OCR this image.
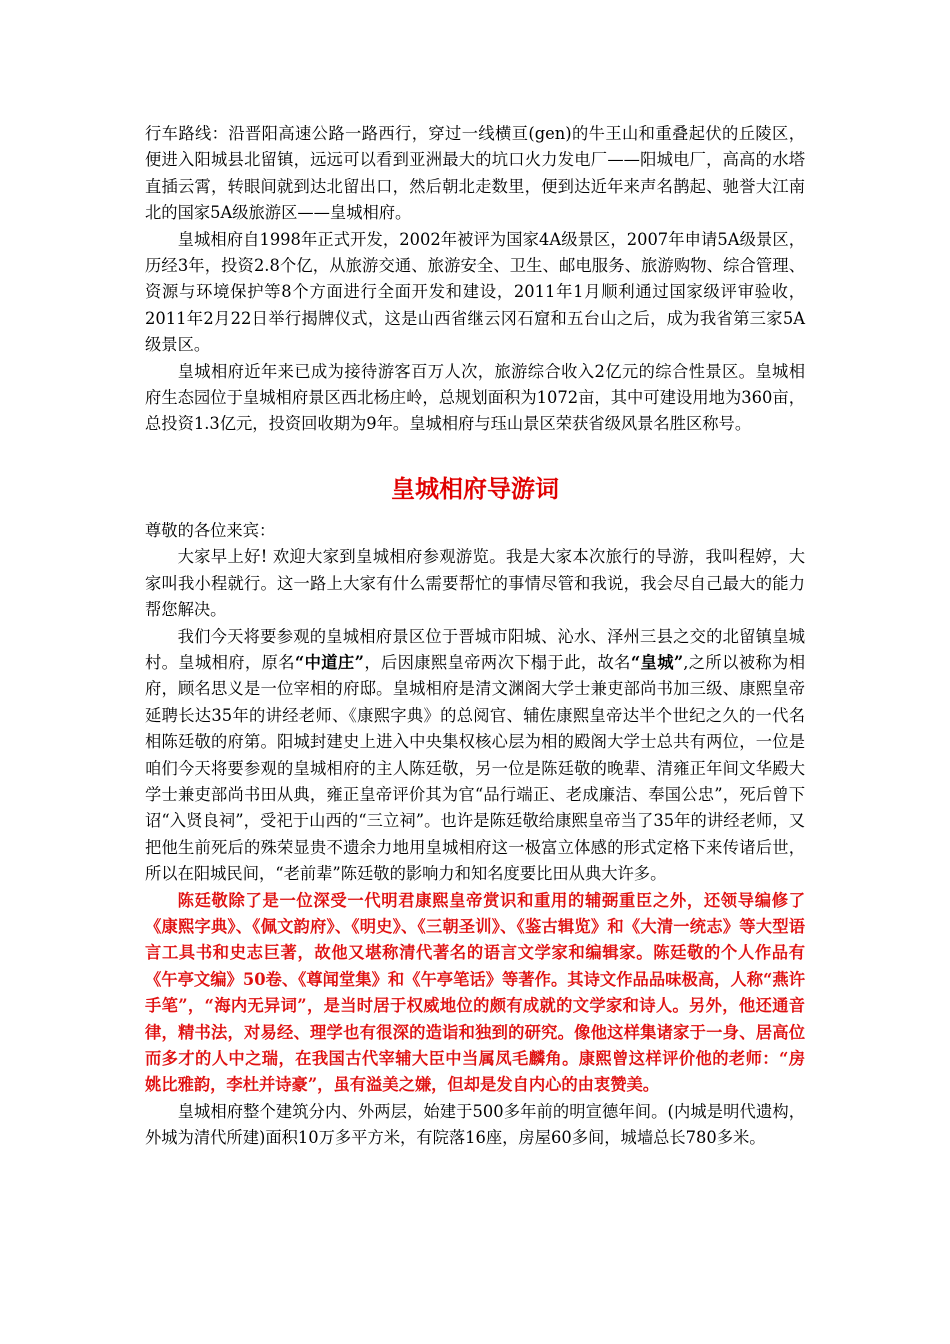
行车路线：沿晋阳高速公路一路西行，穿过一线横亘(gen)的牛王山和重叠起伏的丘陵区，便进入阳城县北留镇，远远可以看到亚洲最大的坑口火力发电厂——阳城电厂，高高的水塔直插云霄，转眼间就到达北留出口，然后朝北走数里，便到达近年来声名鹊起、驰誉大江南北的国家5A级旅游区——皇城相府。

皇城相府自1998年正式开发，2002年被评为国家4A级景区，2007年申请5A级景区，历经3年，投资2.8个亿，从旅游交通、旅游安全、卫生、邮电服务、旅游购物、综合管理、资源与环境保护等8个方面进行全面开发和建设，2011年1月顺利通过国家级评审验收，2011年2月22日举行揭牌仪式，这是山西省继云冈石窟和五台山之后，成为我省第三家5A级景区。

皇城相府近年来已成为接待游客百万人次，旅游综合收入2亿元的综合性景区。皇城相府生态园位于皇城相府景区西北杨庄岭，总规划面积为1072亩，其中可建设用地为360亩，总投资1.3亿元，投资回收期为9年。皇城相府与珏山景区荣获省级风景名胜区称号。

皇城相府导游词

尊敬的各位来宾：

大家早上好! 欢迎大家到皇城相府参观游览。我是大家本次旅行的导游，我叫程婷，大家叫我小程就行。这一路上大家有什么需要帮忙的事情尽管和我说，我会尽自己最大的能力帮您解决。

我们今天将要参观的皇城相府景区位于晋城市阳城、沁水、泽州三县之交的北留镇皇城村。皇城相府，原名“中道庄”，后因康熙皇帝两次下榻于此，故名“皇城”,之所以被称为相府，顾名思义是一位宰相的府邸。皇城相府是清文渊阁大学士兼吏部尚书加三级、康熙皇帝延聘长达35年的讲经老师、《康熙字典》的总阅官、辅佐康熙皇帝达半个世纪之久的一代名相陈廷敬的府第。阳城封建史上进入中央集权核心层为相的殿阁大学士总共有两位，一位是咱们今天将要参观的皇城相府的主人陈廷敬，另一位是陈廷敬的晚辈、清雍正年间文华殿大学士兼吏部尚书田从典，雍正皇帝评价其为官“品行端正、老成廉洁、奉国公忠”，死后曾下诏“入贤良祠”，受祀于山西的“三立祠”。也许是陈廷敬给康熙皇帝当了35年的讲经老师，又把他生前死后的殊荣显贵不遗余力地用皇城相府这一极富立体感的形式定格下来传诸后世，所以在阳城民间，“老前辈”陈廷敬的影响力和知名度要比田从典大许多。

陈廷敬除了是一位深受一代明君康熙皇帝赏识和重用的辅弼重臣之外，还领导编修了《康熙字典》、《佩文韵府》、《明史》、《三朝圣训》、《鉴古辑览》和《大清一统志》等大型语言工具书和史志巨著，故他又堪称清代著名的语言文学家和编辑家。陈廷敬的个人作品有《午亭文编》50卷、《尊闻堂集》和《午亭笔话》等著作。其诗文作品品味极高，人称“燕许手笔”，“海内无异词”，是当时居于权威地位的颇有成就的文学家和诗人。另外，他还通音律，精书法，对易经、理学也有很深的造诣和独到的研究。像他这样集诸家于一身、居高位而多才的人中之瑞，在我国古代宰辅大臣中当属凤毛麟角。康熙曾这样评价他的老师：“房姚比雅韵，李杜并诗豪”，虽有溢美之嫌，但却是发自内心的由衷赞美。

皇城相府整个建筑分内、外两层，始建于500多年前的明宣德年间。(内城是明代遗构，外城为清代所建)面积10万多平方米，有院落16座，房屋60多间，城墙总长780多米。
